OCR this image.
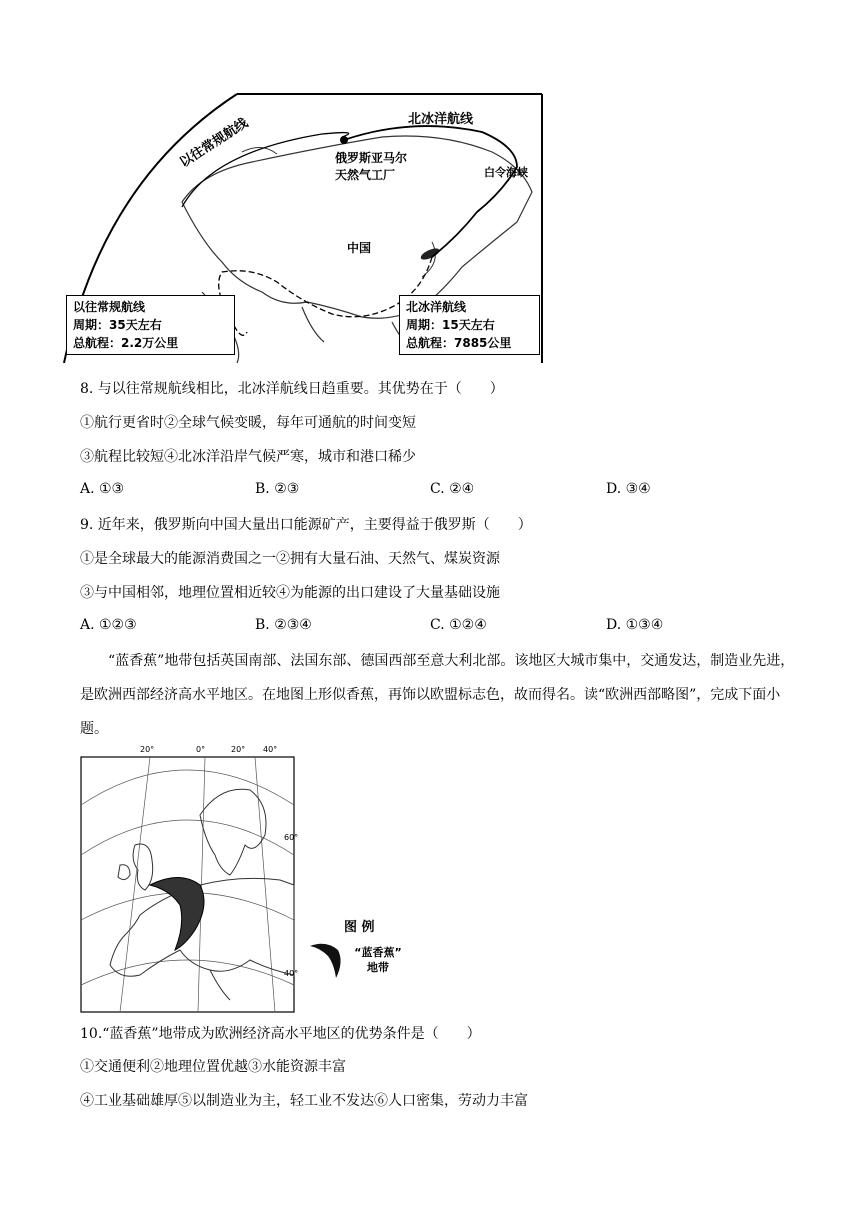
以往常规航线	北冰洋航线
俄罗斯亚马尔
天然气工厂	白令海峡
中国
以往常规航线
周期：35天左右
总航程：2.2万公里
北冰洋航线
周期：15天左右
总航程：7885公里
8. 与以往常规航线相比，北冰洋航线日趋重要。其优势在于（　　）
①航行更省时②全球气候变暖，每年可通航的时间变短
③航程比较短④北冰洋沿岸气候严寒，城市和港口稀少
A. ①③	B. ②③	C. ②④	D. ③④
9. 近年来，俄罗斯向中国大量出口能源矿产，主要得益于俄罗斯（　　）
①是全球最大的能源消费国之一②拥有大量石油、天然气、煤炭资源
③与中国相邻，地理位置相近较④为能源的出口建设了大量基础设施
A. ①②③	B. ②③④	C. ①②④	D. ①③④
“蓝香蕉”地带包括英国南部、法国东部、德国西部至意大利北部。该地区大城市集中，交通发达，制造业先进，是欧洲西部经济高水平地区。在地图上形似香蕉，再饰以欧盟标志色，故而得名。读“欧洲西部略图”，完成下面小题。
20°	0°	20° 40°
60°
40°
图 例
“蓝香蕉”
地带
10.“蓝香蕉”地带成为欧洲经济高水平地区的优势条件是（　　）
①交通便利②地理位置优越③水能资源丰富
④工业基础雄厚⑤以制造业为主，轻工业不发达⑥人口密集，劳动力丰富
